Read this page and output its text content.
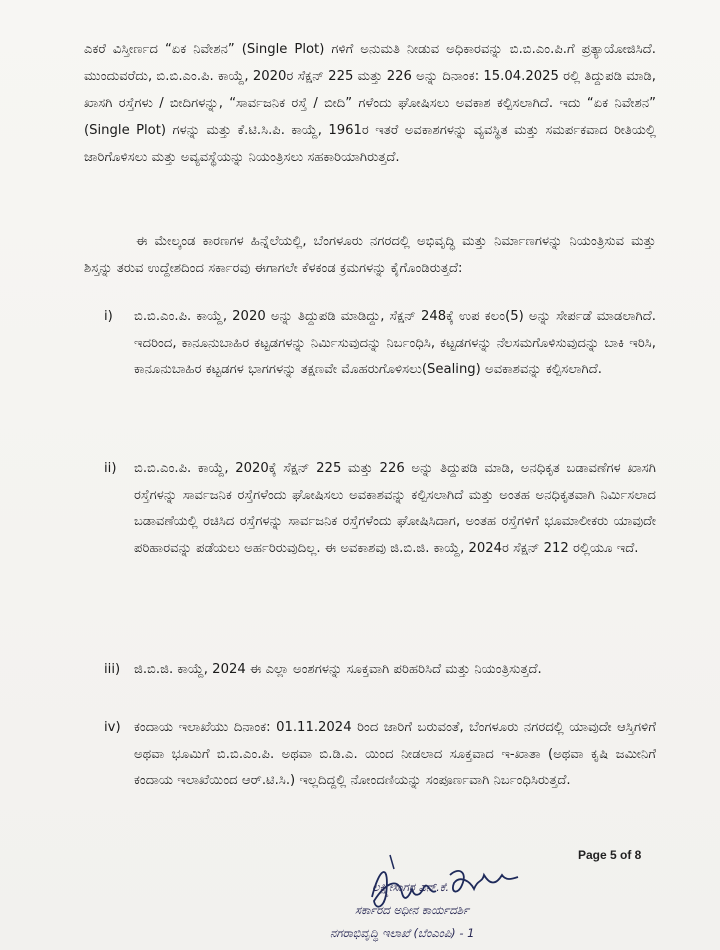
ಎಕರೆ ವಿಸ್ತೀರ್ಣದ “ಏಕ ನಿವೇಶನ” (Single Plot) ಗಳಿಗೆ ಅನುಮತಿ ನೀಡುವ ಅಧಿಕಾರವನ್ನು ಬಿ.ಬಿ.ಎಂ.ಪಿ.ಗೆ ಪ್ರತ್ಯಾಯೋಜಿಸಿದೆ. ಮುಂದುವರೆದು, ಬಿ.ಬಿ.ಎಂ.ಪಿ. ಕಾಯ್ದೆ, 2020ರ ಸೆಕ್ಷನ್ 225 ಮತ್ತು 226 ಅನ್ನು ದಿನಾಂಕ: 15.04.2025 ರಲ್ಲಿ ತಿದ್ದುಪಡಿ ಮಾಡಿ, ಖಾಸಗಿ ರಸ್ತೆಗಳು / ಬೀದಿಗಳನ್ನು, “ಸಾರ್ವಜನಿಕ ರಸ್ತೆ / ಬೀದಿ” ಗಳೆಂದು ಘೋಷಿಸಲು ಅವಕಾಶ ಕಲ್ಪಿಸಲಾಗಿದೆ. ಇದು “ಏಕ ನಿವೇಶನ” (Single Plot) ಗಳನ್ನು ಮತ್ತು ಕೆ.ಟಿ.ಸಿ.ಪಿ. ಕಾಯ್ದೆ, 1961ರ ಇತರೆ ಅವಕಾಶಗಳನ್ನು ವ್ಯವಸ್ಥಿತ ಮತ್ತು ಸಮರ್ಪಕವಾದ ರೀತಿಯಲ್ಲಿ ಜಾರಿಗೊಳಿಸಲು ಮತ್ತು ಅವ್ಯವಸ್ಥೆಯನ್ನು ನಿಯಂತ್ರಿಸಲು ಸಹಕಾರಿಯಾಗಿರುತ್ತದೆ.
ಈ ಮೇಲ್ಕಂಡ ಕಾರಣಗಳ ಹಿನ್ನೆಲೆಯಲ್ಲಿ, ಬೆಂಗಳೂರು ನಗರದಲ್ಲಿ ಅಭಿವೃದ್ಧಿ ಮತ್ತು ನಿರ್ಮಾಣಗಳನ್ನು ನಿಯಂತ್ರಿಸುವ ಮತ್ತು ಶಿಸ್ತನ್ನು ತರುವ ಉದ್ದೇಶದಿಂದ ಸರ್ಕಾರವು ಈಗಾಗಲೇ ಕೆಳಕಂಡ ಕ್ರಮಗಳನ್ನು ಕೈಗೊಂಡಿರುತ್ತದೆ:
i) ಬಿ.ಬಿ.ಎಂ.ಪಿ. ಕಾಯ್ದೆ, 2020 ಅನ್ನು ತಿದ್ದುಪಡಿ ಮಾಡಿದ್ದು, ಸೆಕ್ಷನ್ 248ಕ್ಕೆ ಉಪ ಕಲಂ(5) ಅನ್ನು ಸೇರ್ಪಡೆ ಮಾಡಲಾಗಿದೆ. ಇದರಿಂದ, ಕಾನೂನುಬಾಹಿರ ಕಟ್ಟಡಗಳನ್ನು ನಿರ್ಮಿಸುವುದನ್ನು ನಿರ್ಬಂಧಿಸಿ, ಕಟ್ಟಡಗಳನ್ನು ನೆಲಸಮಗೊಳಿಸುವುದನ್ನು ಬಾಕಿ ಇರಿಸಿ, ಕಾನೂನುಬಾಹಿರ ಕಟ್ಟಡಗಳ ಭಾಗಗಳನ್ನು ತಕ್ಷಣವೇ ಮೊಹರುಗೊಳಿಸಲು(Sealing) ಅವಕಾಶವನ್ನು ಕಲ್ಪಿಸಲಾಗಿದೆ.
ii) ಬಿ.ಬಿ.ಎಂ.ಪಿ. ಕಾಯ್ದೆ, 2020ಕ್ಕೆ ಸೆಕ್ಷನ್ 225 ಮತ್ತು 226 ಅನ್ನು ತಿದ್ದುಪಡಿ ಮಾಡಿ, ಅನಧಿಕೃತ ಬಡಾವಣೆಗಳ ಖಾಸಗಿ ರಸ್ತೆಗಳನ್ನು ಸಾರ್ವಜನಿಕ ರಸ್ತೆಗಳೆಂದು ಘೋಷಿಸಲು ಅವಕಾಶವನ್ನು ಕಲ್ಪಿಸಲಾಗಿದೆ ಮತ್ತು ಅಂತಹ ಅನಧಿಕೃತವಾಗಿ ನಿರ್ಮಿಸಲಾದ ಬಡಾವಣೆಯಲ್ಲಿ ರಚಿಸಿದ ರಸ್ತೆಗಳನ್ನು ಸಾರ್ವಜನಿಕ ರಸ್ತೆಗಳೆಂದು ಘೋಷಿಸಿದಾಗ, ಅಂತಹ ರಸ್ತೆಗಳಿಗೆ ಭೂಮಾಲೀಕರು ಯಾವುದೇ ಪರಿಹಾರವನ್ನು ಪಡೆಯಲು ಅರ್ಹರಿರುವುದಿಲ್ಲ. ಈ ಅವಕಾಶವು ಜಿ.ಬಿ.ಜಿ. ಕಾಯ್ದೆ, 2024ರ ಸೆಕ್ಷನ್ 212 ರಲ್ಲಿಯೂ ಇದೆ.
iii) ಜಿ.ಬಿ.ಜಿ. ಕಾಯ್ದೆ, 2024 ಈ ಎಲ್ಲಾ ಅಂಶಗಳನ್ನು ಸೂಕ್ತವಾಗಿ ಪರಿಹರಿಸಿದೆ ಮತ್ತು ನಿಯಂತ್ರಿಸುತ್ತದೆ.
iv) ಕಂದಾಯ ಇಲಾಖೆಯು ದಿನಾಂಕ: 01.11.2024 ರಿಂದ ಜಾರಿಗೆ ಬರುವಂತೆ, ಬೆಂಗಳೂರು ನಗರದಲ್ಲಿ ಯಾವುದೇ ಆಸ್ತಿಗಳಿಗೆ ಅಥವಾ ಭೂಮಿಗೆ ಬಿ.ಬಿ.ಎಂ.ಪಿ. ಅಥವಾ ಬಿ.ಡಿ.ಎ. ಯಿಂದ ನೀಡಲಾದ ಸೂಕ್ತವಾದ ಇ-ಖಾತಾ (ಅಥವಾ ಕೃಷಿ ಜಮೀನಿಗೆ ಕಂದಾಯ ಇಲಾಖೆಯಿಂದ ಆರ್.ಟಿ.ಸಿ.) ಇಲ್ಲದಿದ್ದಲ್ಲಿ ನೋಂದಣಿಯನ್ನು ಸಂಪೂರ್ಣವಾಗಿ ನಿರ್ಬಂಧಿಸಿರುತ್ತದೆ.
ಲಕ್ಷ್ಮೀಸಾಗರ ಎನ್.ಕೆ.
ಸರ್ಕಾರದ ಅಧೀನ ಕಾರ್ಯದರ್ಶಿ
ನಗರಾಭಿವೃದ್ಧಿ ಇಲಾಖೆ (ಬೆಂಎಂಪಿ) - 1
Page 5 of 8
